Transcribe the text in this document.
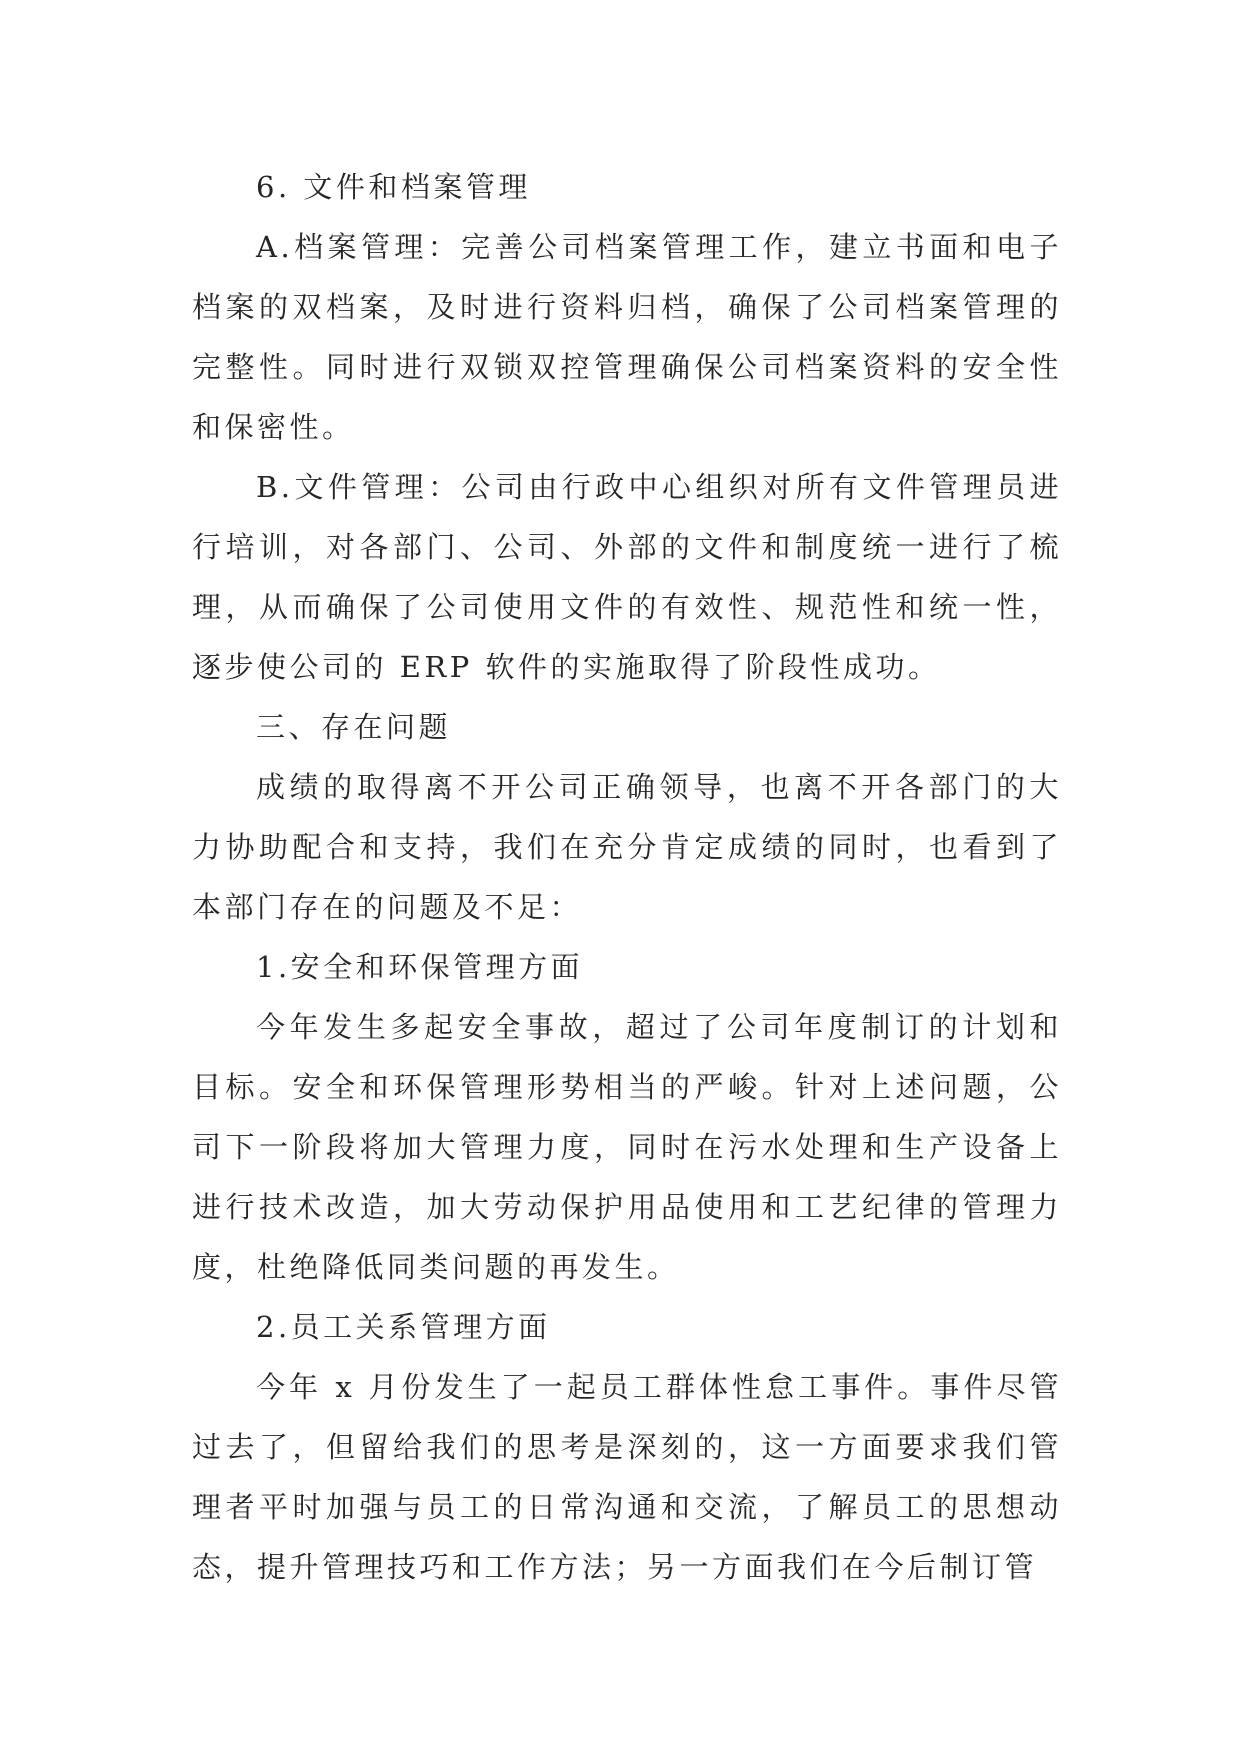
6. 文件和档案管理

A.档案管理：完善公司档案管理工作，建立书面和电子档案的双档案，及时进行资料归档，确保了公司档案管理的完整性。同时进行双锁双控管理确保公司档案资料的安全性和保密性。

B.文件管理：公司由行政中心组织对所有文件管理员进行培训，对各部门、公司、外部的文件和制度统一进行了梳理，从而确保了公司使用文件的有效性、规范性和统一性，逐步使公司的 ERP 软件的实施取得了阶段性成功。

三、存在问题

成绩的取得离不开公司正确领导，也离不开各部门的大力协助配合和支持，我们在充分肯定成绩的同时，也看到了本部门存在的问题及不足：

1.安全和环保管理方面

今年发生多起安全事故，超过了公司年度制订的计划和目标。安全和环保管理形势相当的严峻。针对上述问题，公司下一阶段将加大管理力度，同时在污水处理和生产设备上进行技术改造，加大劳动保护用品使用和工艺纪律的管理力度，杜绝降低同类问题的再发生。

2.员工关系管理方面

今年 x 月份发生了一起员工群体性怠工事件。事件尽管过去了，但留给我们的思考是深刻的，这一方面要求我们管理者平时加强与员工的日常沟通和交流，了解员工的思想动态，提升管理技巧和工作方法；另一方面我们在今后制订管
